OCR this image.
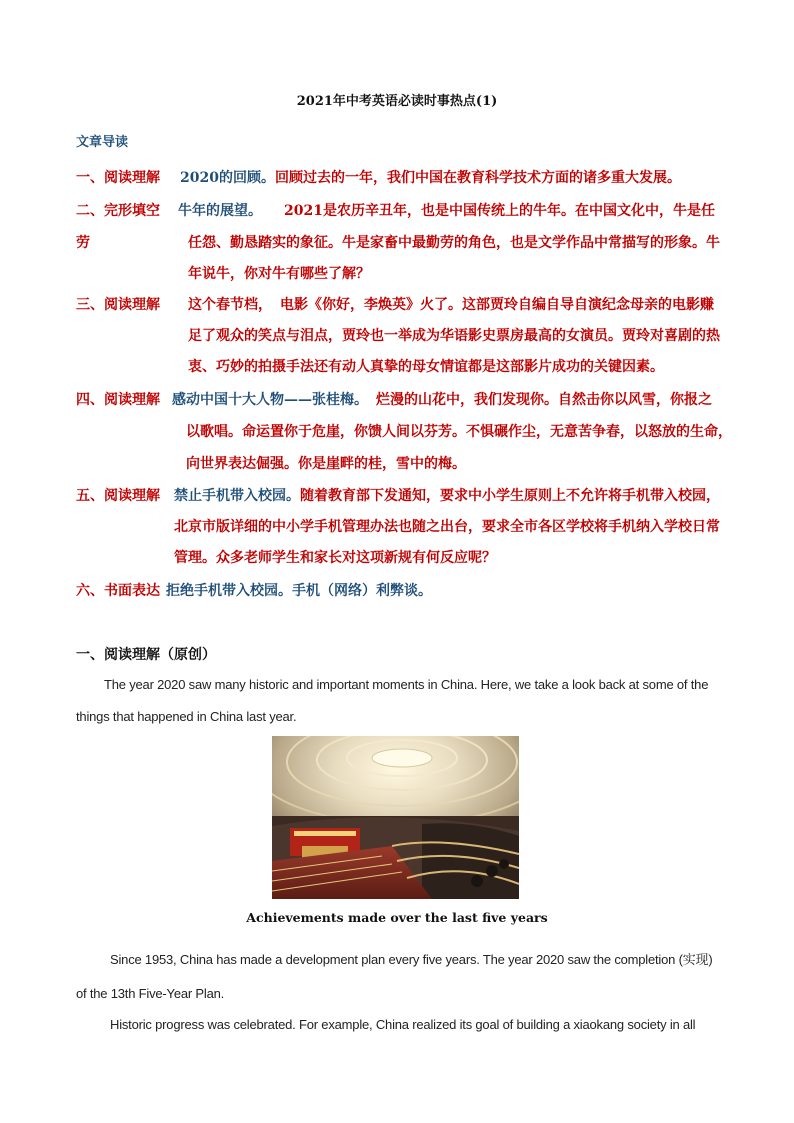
2021年中考英语必读时事热点(1)
文章导读
一、阅读理解 2020的回顾。回顾过去的一年，我们中国在教育科学技术方面的诸多重大发展。
二、完形填空 牛年的展望。 2021是农历辛丑年，也是中国传统上的牛年。在中国文化中，牛是任劳	任怨、勤恳踏实的象征。牛是家畜中最勤劳的角色，也是文学作品中常描写的形象。牛
年说牛，你对牛有哪些了解？
三、阅读理解 这个春节档， 电影《你好，李焕英》火了。这部贾玲自编自导自演纪念母亲的电影赚
足了观众的笑点与泪点，贾玲也一举成为华语影史票房最高的女演员。贾玲对喜剧的热
衷、巧妙的拍摄手法还有动人真挚的母女情谊都是这部影片成功的关键因素。
四、阅读理解 感动中国十大人物——张桂梅。 烂漫的山花中，我们发现你。自然击你以风雪，你报之
以歌唱。命运置你于危崖，你馈人间以芬芳。不惧碾作尘，无意苦争春，以怒放的生命，
向世界表达倔强。你是崖畔的桂，雪中的梅。
五、阅读理解 禁止手机带入校园。随着教育部下发通知，要求中小学生原则上不允许将手机带入校园，
北京市版详细的中小学手机管理办法也随之出台，要求全市各区学校将手机纳入学校日常
管理。众多老师学生和家长对这项新规有何反应呢？
六、书面表达 拒绝手机带入校园。手机（网络）利弊谈。
一、阅读理解（原创）
The year 2020 saw many historic and important moments in China. Here, we take a look back at some of the
things that happened in China last year.
Achievements made over the last five years
Since 1953, China has made a development plan every five years. The year 2020 saw the completion (实现)
of the 13th Five-Year Plan.
Historic progress was celebrated. For example, China realized its goal of building a xiaokang society in all
